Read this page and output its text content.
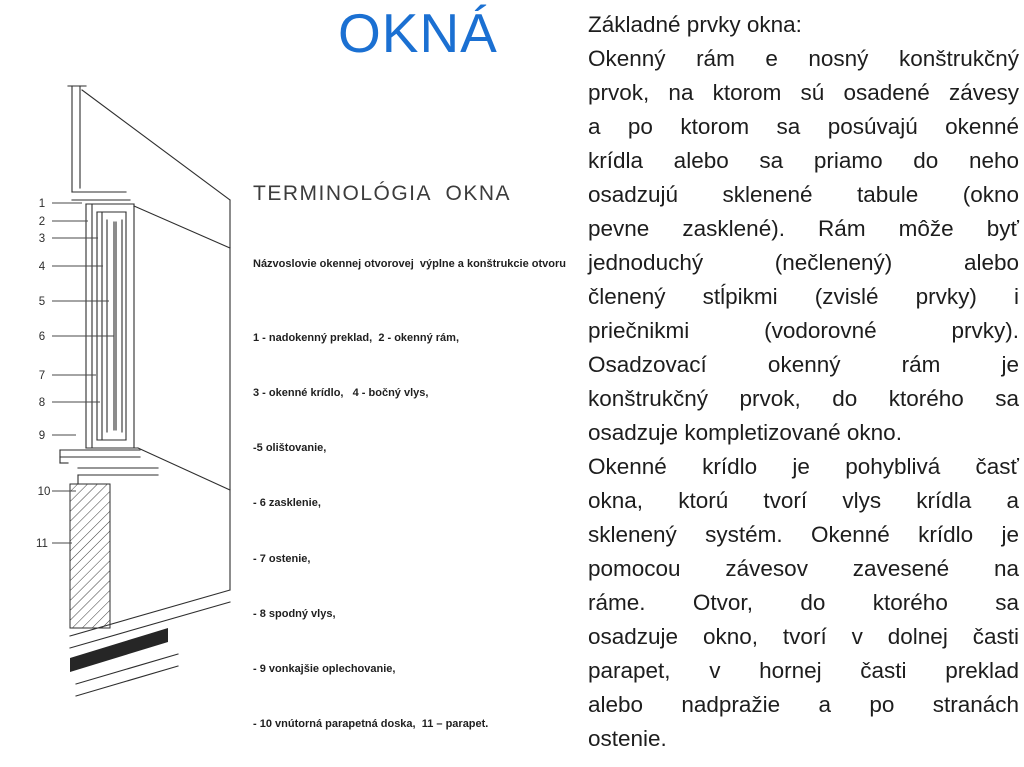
OKNÁ
1
2
3
4
5
6
7
8
9
10
11
TERMINOLÓGIA  OKNA
Názvoslovie okennej otvorovej  výplne a konštrukcie otvoru

1 - nadokenný preklad,  2 - okenný rám,

3 - okenné krídlo,   4 - bočný vlys,

-5 olištovanie,

- 6 zasklenie,

- 7 ostenie,

- 8 spodný vlys,

- 9 vonkajšie oplechovanie,

- 10 vnútorná parapetná doska,  11 – parapet.

Základné prvky okna:
Okenný rám e nosný konštrukčný
prvok, na ktorom sú osadené závesy
a po ktorom sa posúvajú okenné
krídla alebo sa priamo do neho
osadzujú sklenené tabule (okno
pevne zasklené). Rám môže byť
jednoduchý (nečlenený) alebo
členený stĺpikmi (zvislé prvky) i
priečnikmi (vodorovné prvky).
Osadzovací okenný rám je
konštrukčný prvok, do ktorého sa
osadzuje kompletizované okno.
Okenné krídlo je pohyblivá časť
okna, ktorú tvorí vlys krídla a
sklenený systém. Okenné krídlo je
pomocou závesov zavesené na
ráme. Otvor, do ktorého sa
osadzuje okno, tvorí v dolnej časti
parapet, v hornej časti preklad
alebo nadpražie a po stranách
ostenie.
